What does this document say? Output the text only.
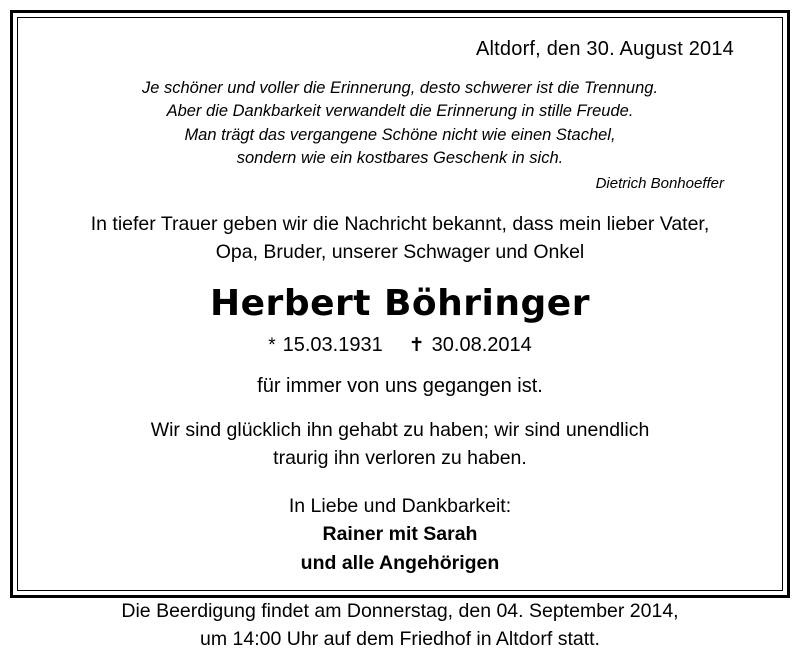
Altdorf, den 30. August 2014
Je schöner und voller die Erinnerung, desto schwerer ist die Trennung.
Aber die Dankbarkeit verwandelt die Erinnerung in stille Freude.
Man trägt das vergangene Schöne nicht wie einen Stachel,
sondern wie ein kostbares Geschenk in sich.
Dietrich Bonhoeffer
In tiefer Trauer geben wir die Nachricht bekannt, dass mein lieber Vater,
Opa, Bruder, unserer Schwager und Onkel
Herbert Böhringer
* 15.03.1931 ✝ 30.08.2014
für immer von uns gegangen ist.
Wir sind glücklich ihn gehabt zu haben; wir sind unendlich
traurig ihn verloren zu haben.
In Liebe und Dankbarkeit:
Rainer mit Sarah
und alle Angehörigen
Die Beerdigung findet am Donnerstag, den 04. September 2014,
um 14:00 Uhr auf dem Friedhof in Altdorf statt.
